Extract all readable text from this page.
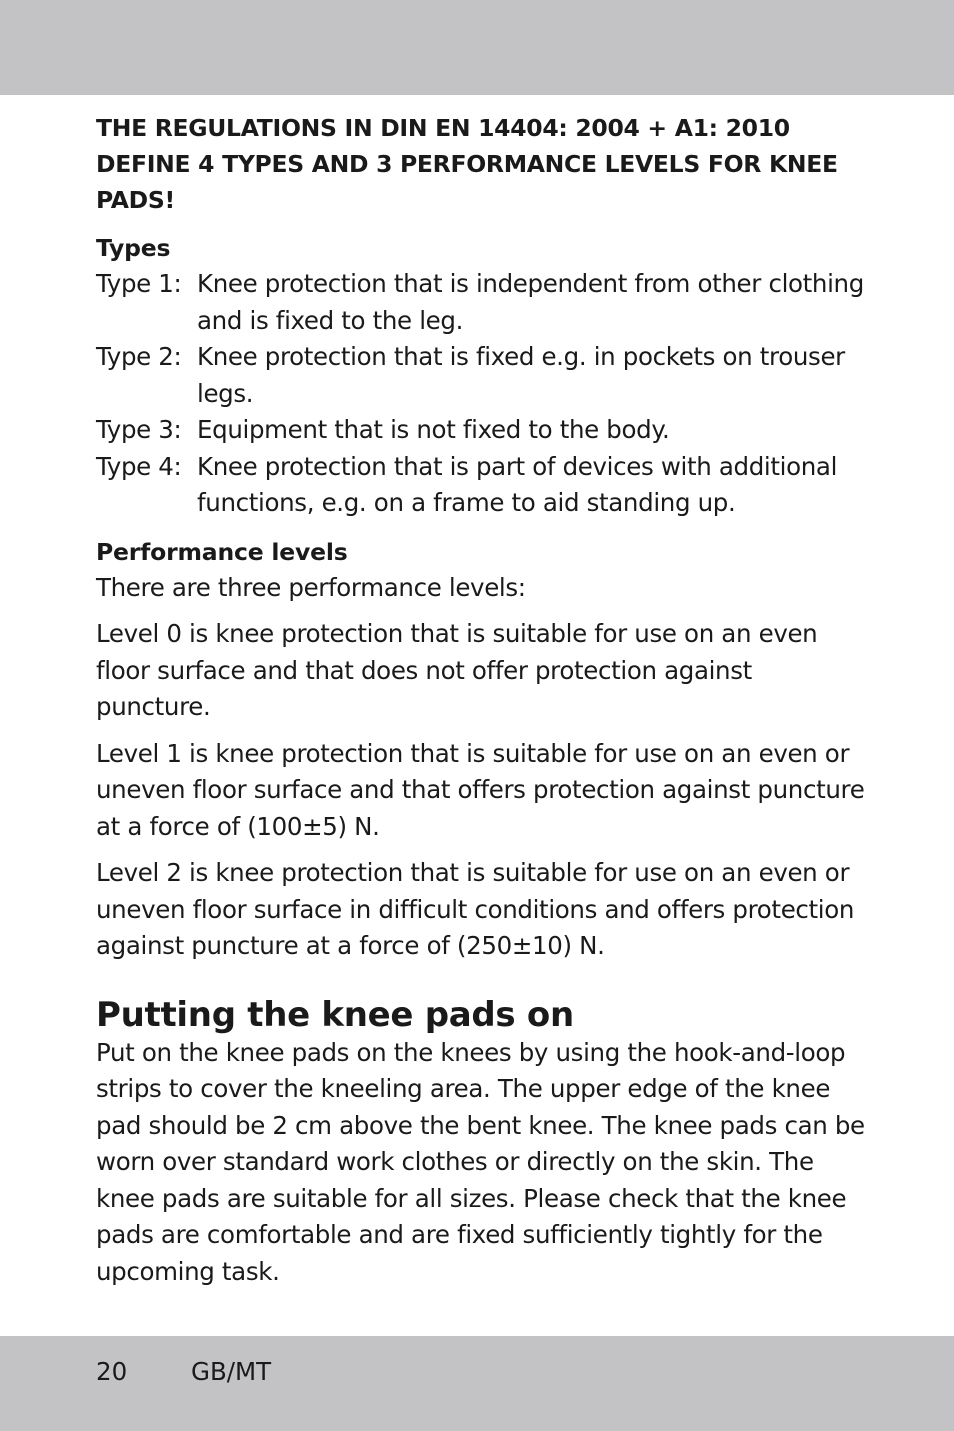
THE REGULATIONS IN DIN EN 14404: 2004 + A1: 2010 DEFINE 4 TYPES AND 3 PERFORMANCE LEVELS FOR KNEE PADS!

Types

Type 1: Knee protection that is independent from other clothing and is fixed to the leg.
Type 2: Knee protection that is fixed e.g. in pockets on trouser legs.
Type 3: Equipment that is not fixed to the body.
Type 4: Knee protection that is part of devices with additional functions, e.g. on a frame to aid standing up.

Performance levels

There are three performance levels:

Level 0 is knee protection that is suitable for use on an even floor surface and that does not offer protection against puncture.

Level 1 is knee protection that is suitable for use on an even or uneven floor surface and that offers protection against puncture at a force of (100±5) N.

Level 2 is knee protection that is suitable for use on an even or uneven floor surface in difficult conditions and offers protection against puncture at a force of (250±10) N.

Putting the knee pads on

Put on the knee pads on the knees by using the hook-and-loop strips to cover the kneeling area. The upper edge of the knee pad should be 2 cm above the bent knee. The knee pads can be worn over standard work clothes or directly on the skin. The knee pads are suitable for all sizes. Please check that the knee pads are comfortable and are fixed sufficiently tightly for the upcoming task.

20	GB/MT
